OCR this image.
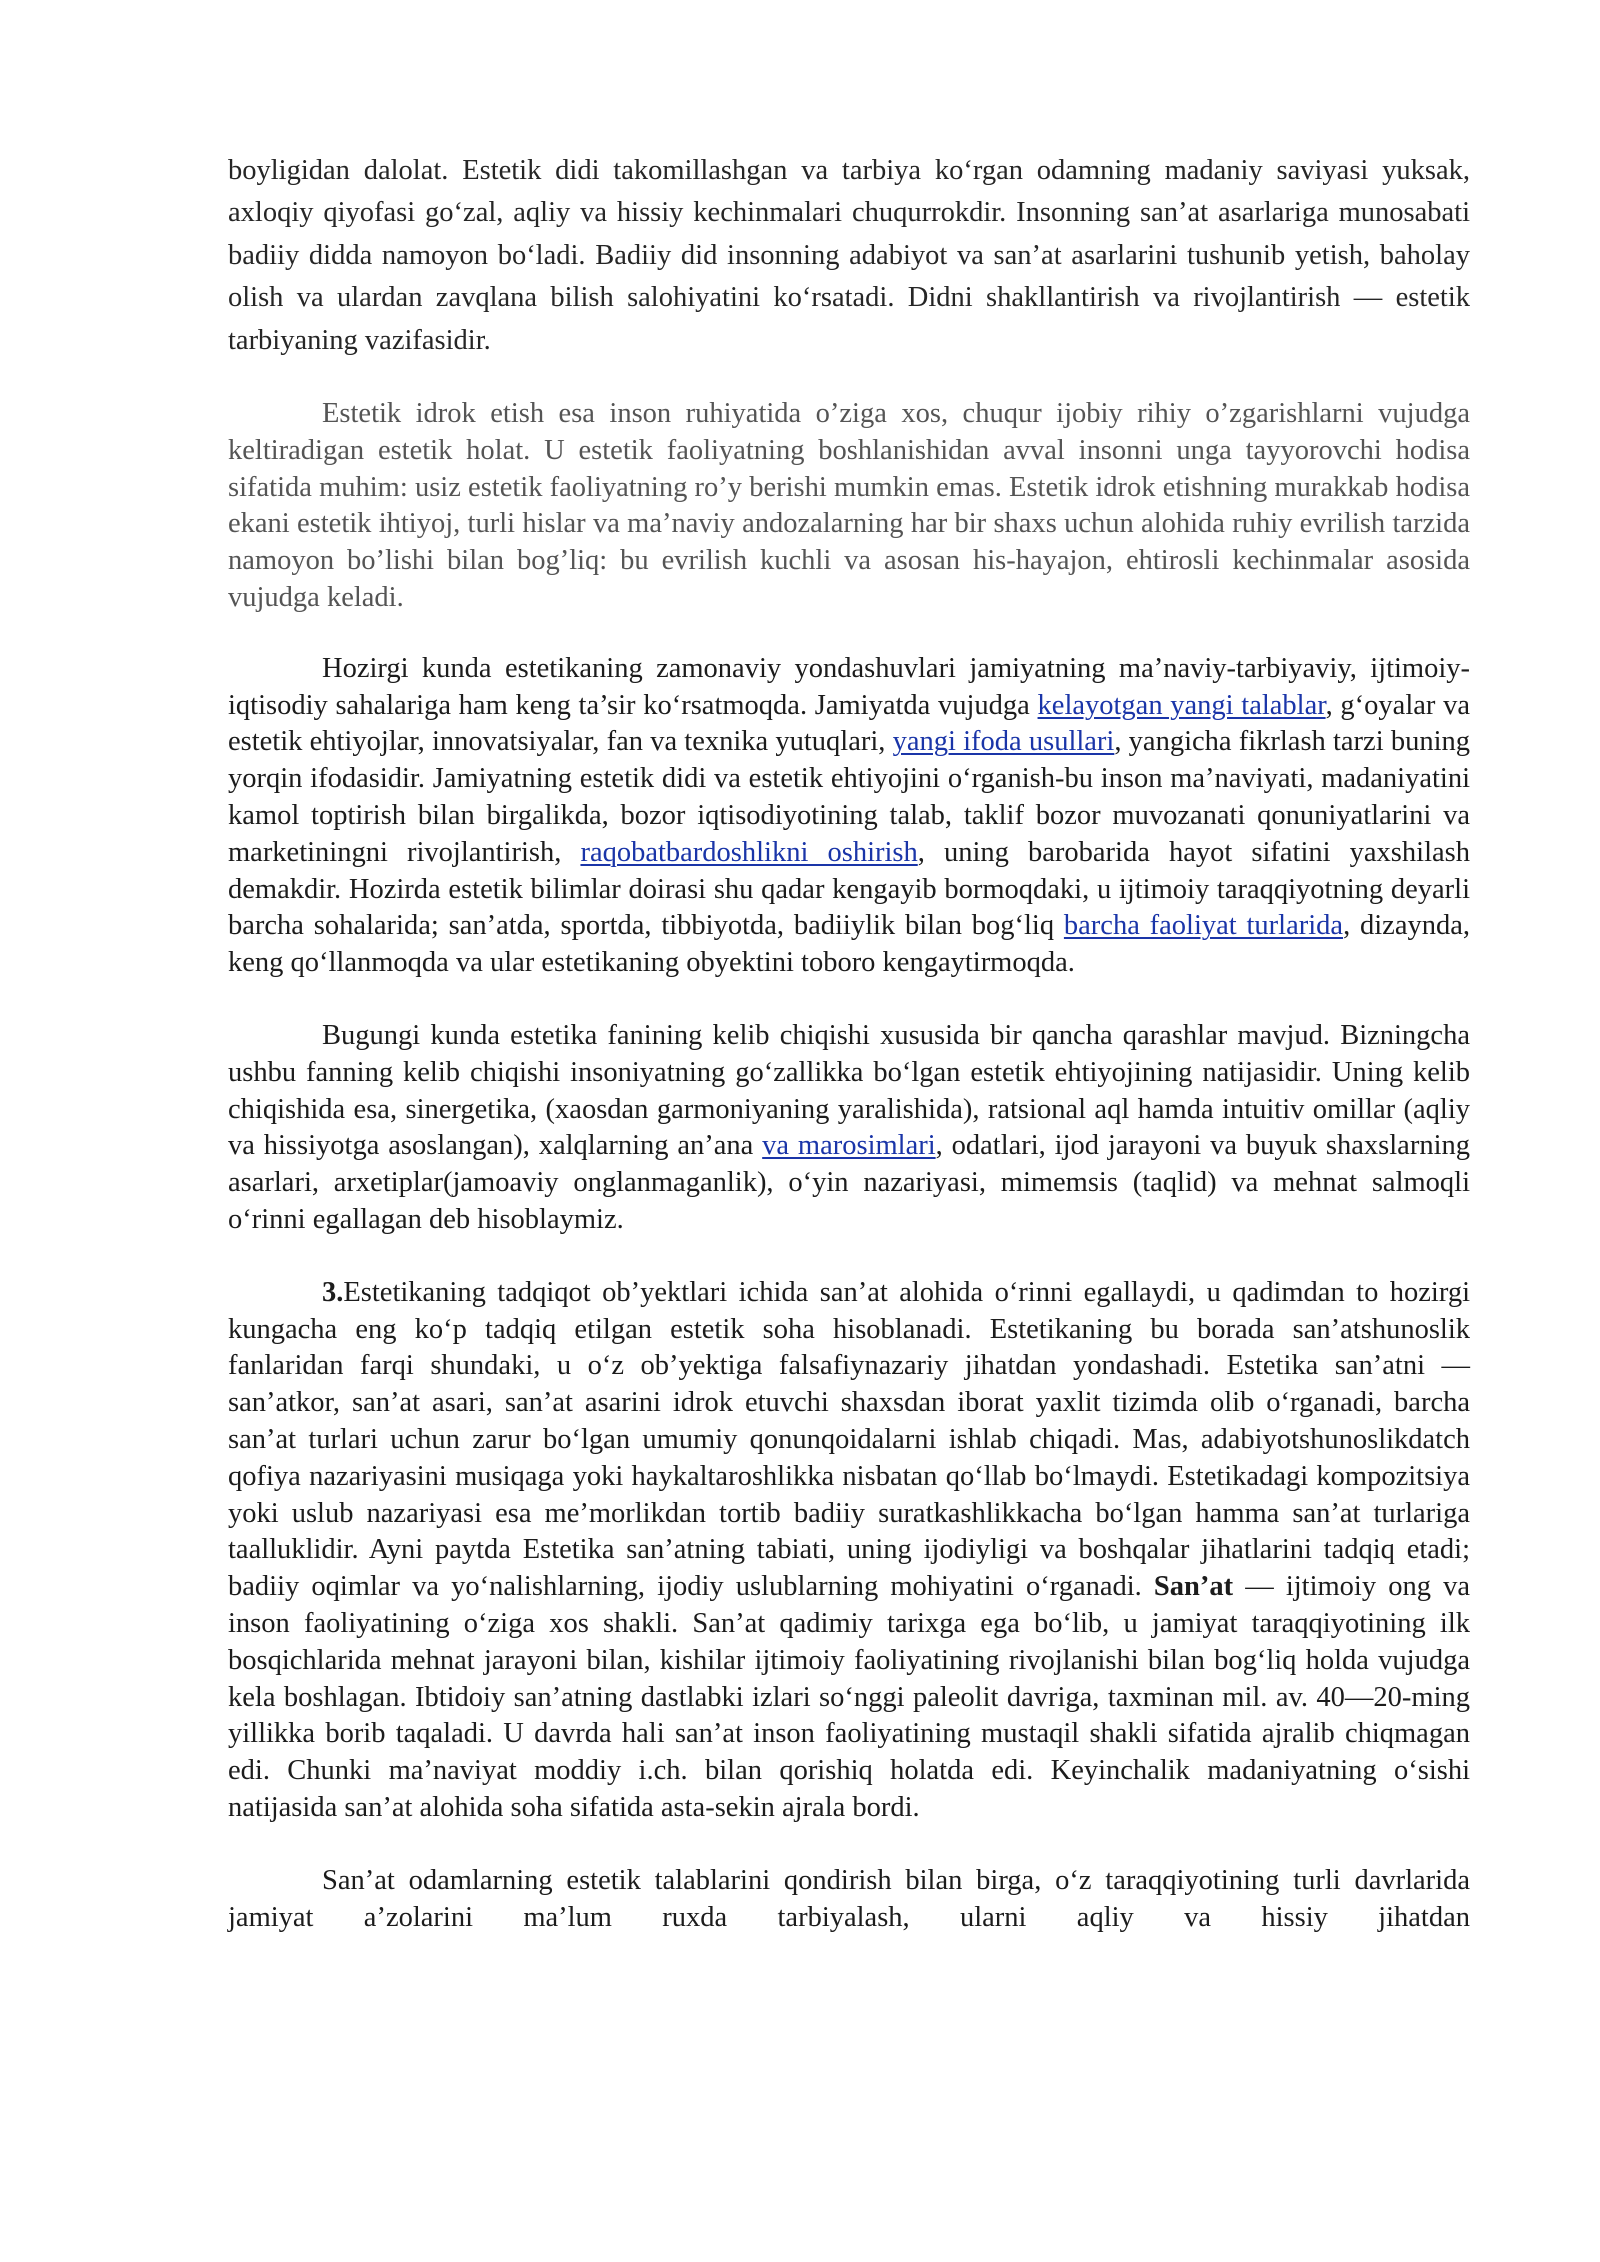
boyligidan dalolat. Estetik didi takomillashgan va tarbiya ko‘rgan odamning madaniy saviyasi yuksak, axloqiy qiyofasi go‘zal, aqliy va hissiy kechinmalari chuqurrokdir. Insonning san’at asarlariga munosabati badiiy didda namoyon bo‘ladi. Badiiy did insonning adabiyot va san’at asarlarini tushunib yetish, baholay olish va ulardan zavqlana bilish salohiyatini ko‘rsatadi. Didni shakllantirish va rivojlantirish — estetik tarbiyaning vazifasidir.

Estetik idrok etish esa inson ruhiyatida o’ziga xos, chuqur ijobiy rihiy o’zgarishlarni vujudga keltiradigan estetik holat. U estetik faoliyatning boshlanishidan avval insonni unga tayyorovchi hodisa sifatida muhim: usiz estetik faoliyatning ro’y berishi mumkin emas. Estetik idrok etishning murakkab hodisa ekani estetik ihtiyoj, turli hislar va ma’naviy andozalarning har bir shaxs uchun alohida ruhiy evrilish tarzida namoyon bo’lishi bilan bog’liq: bu evrilish kuchli va asosan his-hayajon, ehtirosli kechinmalar asosida vujudga keladi.

Hozirgi kunda estetikaning zamonaviy yondashuvlari jamiyatning ma’naviy-tarbiyaviy, ijtimoiy-iqtisodiy sahalariga ham keng ta’sir ko‘rsatmoqda. Jamiyatda vujudga kelayotgan yangi talablar, g‘oyalar va estetik ehtiyojlar, innovatsiyalar, fan va texnika yutuqlari, yangi ifoda usullari, yangicha fikrlash tarzi buning yorqin ifodasidir. Jamiyatning estetik didi va estetik ehtiyojini o‘rganish-bu inson ma’naviyati, madaniyatini kamol toptirish bilan birgalikda, bozor iqtisodiyotining talab, taklif bozor muvozanati qonuniyatlarini va marketiningni rivojlantirish, raqobatbardoshlikni oshirish, uning barobarida hayot sifatini yaxshilash demakdir. Hozirda estetik bilimlar doirasi shu qadar kengayib bormoqdaki, u ijtimoiy taraqqiyotning deyarli barcha sohalarida; san’atda, sportda, tibbiyotda, badiiylik bilan bog‘liq barcha faoliyat turlarida, dizaynda, keng qo‘llanmoqda va ular estetikaning obyektini toboro kengaytirmoqda.

Bugungi kunda estetika fanining kelib chiqishi xususida bir qancha qarashlar mavjud. Bizningcha ushbu fanning kelib chiqishi insoniyatning go‘zallikka bo‘lgan estetik ehtiyojining natijasidir. Uning kelib chiqishida esa, sinergetika, (xaosdan garmoniyaning yaralishida), ratsional aql hamda intuitiv omillar (aqliy va hissiyotga asoslangan), xalqlarning an’ana va marosimlari, odatlari, ijod jarayoni va buyuk shaxslarning asarlari, arxetiplar(jamoaviy onglanmaganlik), o‘yin nazariyasi, mimemsis (taqlid) va mehnat salmoqli o‘rinni egallagan deb hisoblaymiz.

3.Estetikaning tadqiqot ob’yektlari ichida san’at alohida o‘rinni egallaydi, u qadimdan to hozirgi kungacha eng ko‘p tadqiq etilgan estetik soha hisoblanadi. Estetikaning bu borada san’atshunoslik fanlaridan farqi shundaki, u o‘z ob’yektiga falsafiynazariy jihatdan yondashadi. Estetika san’atni — san’atkor, san’at asari, san’at asarini idrok etuvchi shaxsdan iborat yaxlit tizimda olib o‘rganadi, barcha san’at turlari uchun zarur bo‘lgan umumiy qonunqoidalarni ishlab chiqadi. Mas, adabiyotshunoslikdatch qofiya nazariyasini musiqaga yoki haykaltaroshlikka nisbatan qo‘llab bo‘lmaydi. Estetikadagi kompozitsiya yoki uslub nazariyasi esa me’morlikdan tortib badiiy suratkashlikkacha bo‘lgan hamma san’at turlariga taalluklidir. Ayni paytda Estetika san’atning tabiati, uning ijodiyligi va boshqalar jihatlarini tadqiq etadi; badiiy oqimlar va yo‘nalishlarning, ijodiy uslublarning mohiyatini o‘rganadi. San’at — ijtimoiy ong va inson faoliyatining o‘ziga xos shakli. San’at qadimiy tarixga ega bo‘lib, u jamiyat taraqqiyotining ilk bosqichlarida mehnat jarayoni bilan, kishilar ijtimoiy faoliyatining rivojlanishi bilan bog‘liq holda vujudga kela boshlagan. Ibtidoiy san’atning dastlabki izlari so‘nggi paleolit davriga, taxminan mil. av. 40—20-ming yillikka borib taqaladi. U davrda hali san’at inson faoliyatining mustaqil shakli sifatida ajralib chiqmagan edi. Chunki ma’naviyat moddiy i.ch. bilan qorishiq holatda edi. Keyinchalik madaniyatning o‘sishi natijasida san’at alohida soha sifatida asta-sekin ajrala bordi.

San’at odamlarning estetik talablarini qondirish bilan birga, o‘z taraqqiyotining turli davrlarida jamiyat a’zolarini ma’lum ruxda tarbiyalash, ularni aqliy va hissiy jihatdan
